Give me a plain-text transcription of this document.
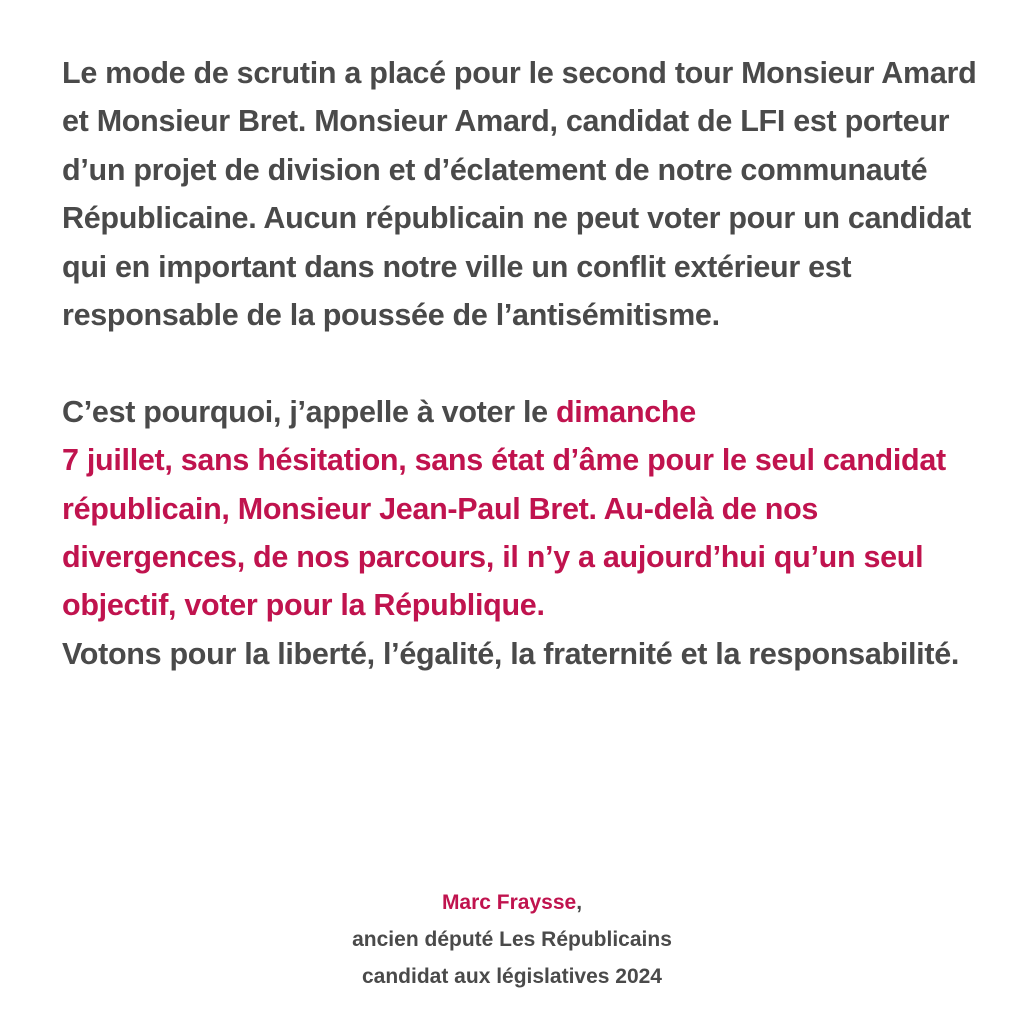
Le mode de scrutin a placé pour le second tour Monsieur Amard et Monsieur Bret. Monsieur Amard, candidat de LFI est porteur d’un projet de division et d’éclatement de notre communauté Républicaine. Aucun républicain ne peut voter pour un candidat qui en important dans notre ville un conflit extérieur est responsable de la poussée de l’antisémitisme.

C’est pourquoi, j’appelle à voter le dimanche
7 juillet, sans hésitation, sans état d’âme pour le seul candidat républicain, Monsieur Jean-Paul Bret. Au-delà de nos divergences, de nos parcours, il n’y a aujourd’hui qu’un seul objectif, voter pour la République.

Votons pour la liberté, l’égalité, la fraternité et la responsabilité.

Marc Fraysse,
ancien député Les Républicains
candidat aux législatives 2024
